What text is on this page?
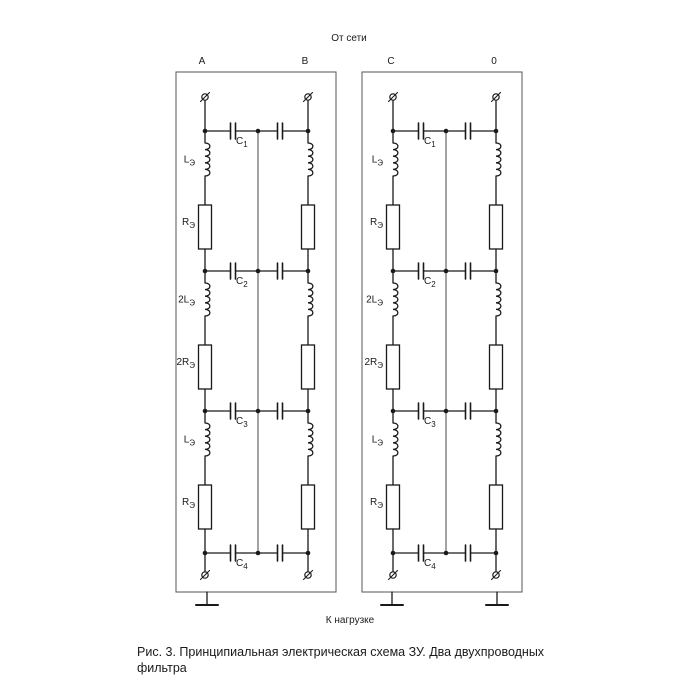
От сети
$C_1$
$C_2$
$C_3$
$C_4$
$L_Э$
$R_Э$
$2L_Э$
$2R_Э$
$L_Э$
$R_Э$
A	B
$C_1$
$C_2$
$C_3$
$C_4$
$L_Э$
$R_Э$
$2L_Э$
$2R_Э$
$L_Э$
$R_Э$
C	0
К нагрузке
Рис. 3. Принципиальная электрическая схема ЗУ. Два двухпроводных
фильтра
